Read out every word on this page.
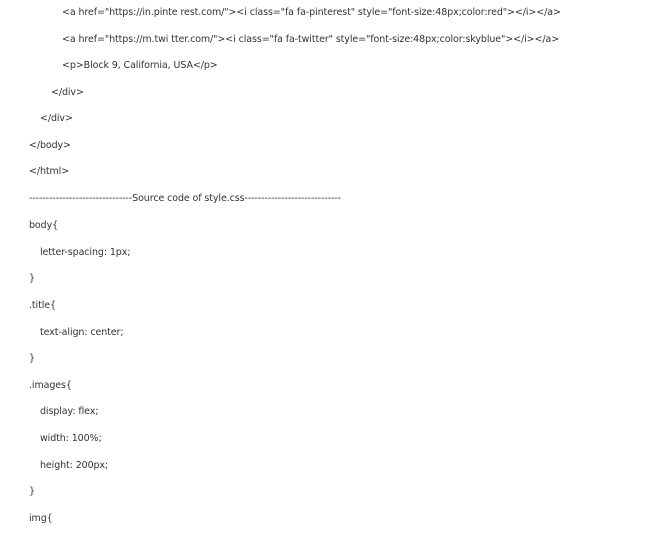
<a href="https://in.pinte rest.com/"><i class="fa fa-pinterest" style="font-size:48px;color:red"></i></a>
<a href="https://m.twi tter.com/"><i class="fa fa-twitter" style="font-size:48px;color:skyblue"></i></a>
<p>Block 9, California, USA</p>
</div>
</div>
</body>
</html>
-------------------------------Source code of style.css-----------------------------
body{
letter-spacing: 1px;
}
.title{
text-align: center;
}
.images{
display: flex;
width: 100%;
height: 200px;
}
img{
